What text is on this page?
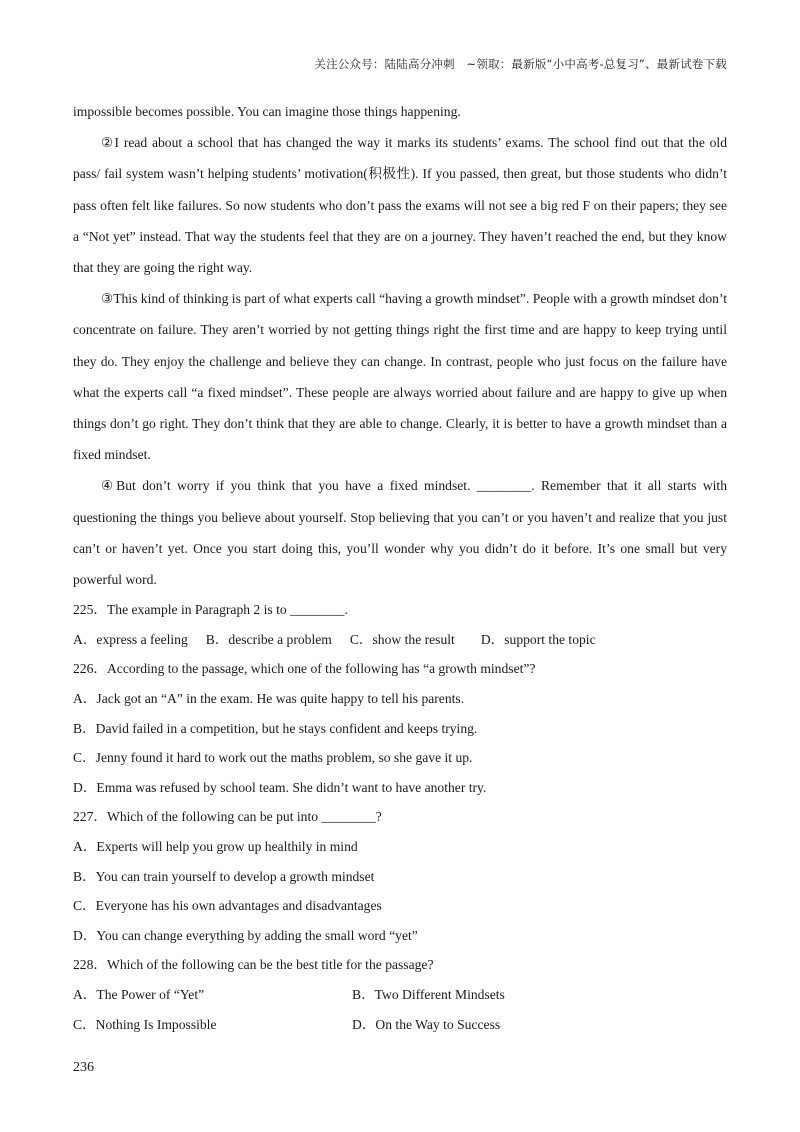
关注公众号：陆陆高分冲刺　~领取：最新版“小中高考-总复习”、最新试卷下载

impossible becomes possible. You can imagine those things happening.

②I read about a school that has changed the way it marks its students’ exams. The school find out that the old pass/ fail system wasn’t helping students’ motivation(积极性). If you passed, then great, but those students who didn’t pass often felt like failures. So now students who don’t pass the exams will not see a big red F on their papers; they see a “Not yet” instead. That way the students feel that they are on a journey. They haven’t reached the end, but they know that they are going the right way.

③This kind of thinking is part of what experts call “having a growth mindset”. People with a growth mindset don’t concentrate on failure. They aren’t worried by not getting things right the first time and are happy to keep trying until they do. They enjoy the challenge and believe they can change. In contrast, people who just focus on the failure have what the experts call “a fixed mindset”. These people are always worried about failure and are happy to give up when things don’t go right. They don’t think that they are able to change. Clearly, it is better to have a growth mindset than a fixed mindset.

④But don’t worry if you think that you have a fixed mindset. ________. Remember that it all starts with questioning the things you believe about yourself. Stop believing that you can’t or you haven’t and realize that you just can’t or haven’t yet. Once you start doing this, you’ll wonder why you didn’t do it before. It’s one small but very powerful word.

225．The example in Paragraph 2 is to ________.

A．express a feeling B．describe a problem C．show the result D．support the topic

226．According to the passage, which one of the following has “a growth mindset”?

A．Jack got an “A” in the exam. He was quite happy to tell his parents.

B．David failed in a competition, but he stays confident and keeps trying.

C．Jenny found it hard to work out the maths problem, so she gave it up.

D．Emma was refused by school team. She didn’t want to have another try.

227．Which of the following can be put into ________?

A．Experts will help you grow up healthily in mind

B．You can train yourself to develop a growth mindset

C．Everyone has his own advantages and disadvantages

D．You can change everything by adding the small word “yet”

228．Which of the following can be the best title for the passage?

A．The Power of “Yet”	B．Two Different Mindsets
C．Nothing Is Impossible	D．On the Way to Success
236
